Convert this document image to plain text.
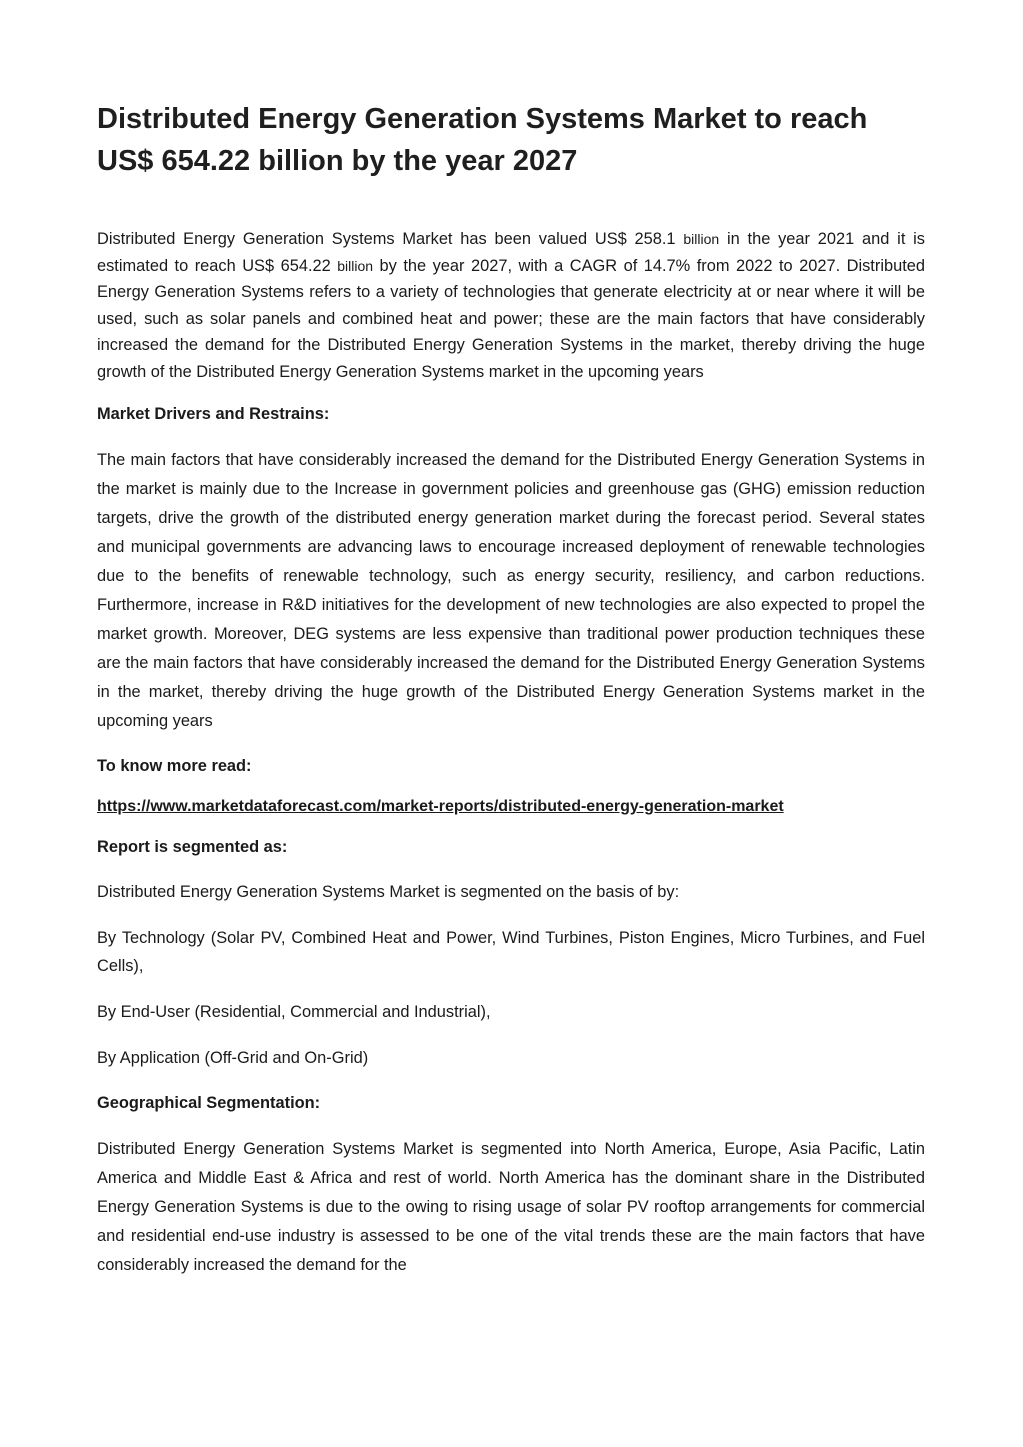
Distributed Energy Generation Systems Market to reach US$ 654.22 billion by the year 2027

Distributed Energy Generation Systems Market has been valued US$ 258.1 billion in the year 2021 and it is estimated to reach US$ 654.22 billion by the year 2027, with a CAGR of 14.7% from 2022 to 2027. Distributed Energy Generation Systems refers to a variety of technologies that generate electricity at or near where it will be used, such as solar panels and combined heat and power; these are the main factors that have considerably increased the demand for the Distributed Energy Generation Systems in the market, thereby driving the huge growth of the Distributed Energy Generation Systems market in the upcoming years

Market Drivers and Restrains:

The main factors that have considerably increased the demand for the Distributed Energy Generation Systems in the market is mainly due to the Increase in government policies and greenhouse gas (GHG) emission reduction targets, drive the growth of the distributed energy generation market during the forecast period. Several states and municipal governments are advancing laws to encourage increased deployment of renewable technologies due to the benefits of renewable technology, such as energy security, resiliency, and carbon reductions. Furthermore, increase in R&D initiatives for the development of new technologies are also expected to propel the market growth. Moreover, DEG systems are less expensive than traditional power production techniques these are the main factors that have considerably increased the demand for the Distributed Energy Generation Systems in the market, thereby driving the huge growth of the Distributed Energy Generation Systems market in the upcoming years

To know more read:

https://www.marketdataforecast.com/market-reports/distributed-energy-generation-market

Report is segmented as:

Distributed Energy Generation Systems Market is segmented on the basis of by:

By Technology (Solar PV, Combined Heat and Power, Wind Turbines, Piston Engines, Micro Turbines, and Fuel Cells),

By End-User (Residential, Commercial and Industrial),

By Application (Off-Grid and On-Grid)

Geographical Segmentation:

Distributed Energy Generation Systems Market is segmented into North America, Europe, Asia Pacific, Latin America and Middle East & Africa and rest of world. North America has the dominant share in the Distributed Energy Generation Systems is due to the owing to rising usage of solar PV rooftop arrangements for commercial and residential end-use industry is assessed to be one of the vital trends these are the main factors that have considerably increased the demand for the
